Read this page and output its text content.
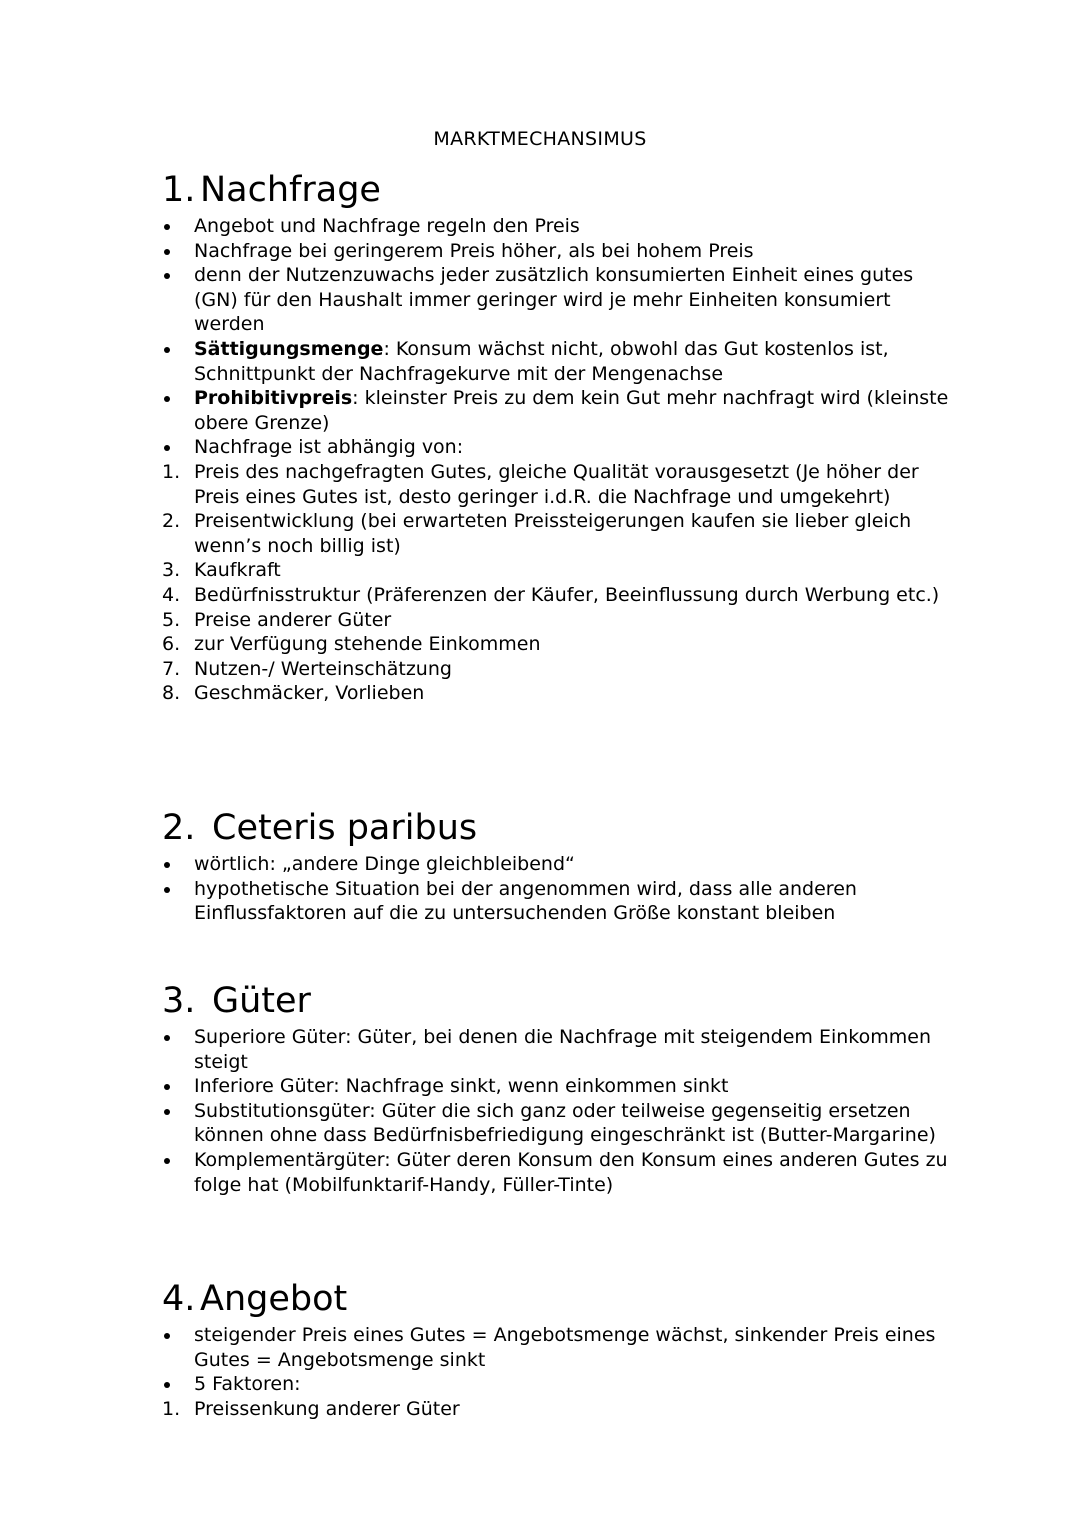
MARKTMECHANSIMUS
1. Nachfrage
Angebot und Nachfrage regeln den Preis
Nachfrage bei geringerem Preis höher, als bei hohem Preis
denn der Nutzenzuwachs jeder zusätzlich konsumierten Einheit eines gutes (GN) für den Haushalt immer geringer wird je mehr Einheiten konsumiert werden
Sättigungsmenge: Konsum wächst nicht, obwohl das Gut kostenlos ist, Schnittpunkt der Nachfragekurve mit der Mengenachse
Prohibitivpreis: kleinster Preis zu dem kein Gut mehr nachfragt wird (kleinste obere Grenze)
Nachfrage ist abhängig von:
1. Preis des nachgefragten Gutes, gleiche Qualität vorausgesetzt (Je höher der Preis eines Gutes ist, desto geringer i.d.R. die Nachfrage und umgekehrt)
2. Preisentwicklung (bei erwarteten Preissteigerungen kaufen sie lieber gleich wenn’s noch billig ist)
3. Kaufkraft
4. Bedürfnisstruktur (Präferenzen der Käufer, Beeinflussung durch Werbung etc.)
5. Preise anderer Güter
6. zur Verfügung stehende Einkommen
7. Nutzen-/ Werteinschätzung
8. Geschmäcker, Vorlieben
2. Ceteris paribus
wörtlich: „andere Dinge gleichbleibend“
hypothetische Situation bei der angenommen wird, dass alle anderen Einflussfaktoren auf die zu untersuchenden Größe konstant bleiben
3. Güter
Superiore Güter: Güter, bei denen die Nachfrage mit steigendem Einkommen steigt
Inferiore Güter: Nachfrage sinkt, wenn einkommen sinkt
Substitutionsgüter: Güter die sich ganz oder teilweise gegenseitig ersetzen können ohne dass Bedürfnisbefriedigung eingeschränkt ist (Butter-Margarine)
Komplementärgüter: Güter deren Konsum den Konsum eines anderen Gutes zu folge hat (Mobilfunktarif-Handy, Füller-Tinte)
4. Angebot
steigender Preis eines Gutes = Angebotsmenge wächst, sinkender Preis eines Gutes = Angebotsmenge sinkt
5 Faktoren:
1. Preissenkung anderer Güter
